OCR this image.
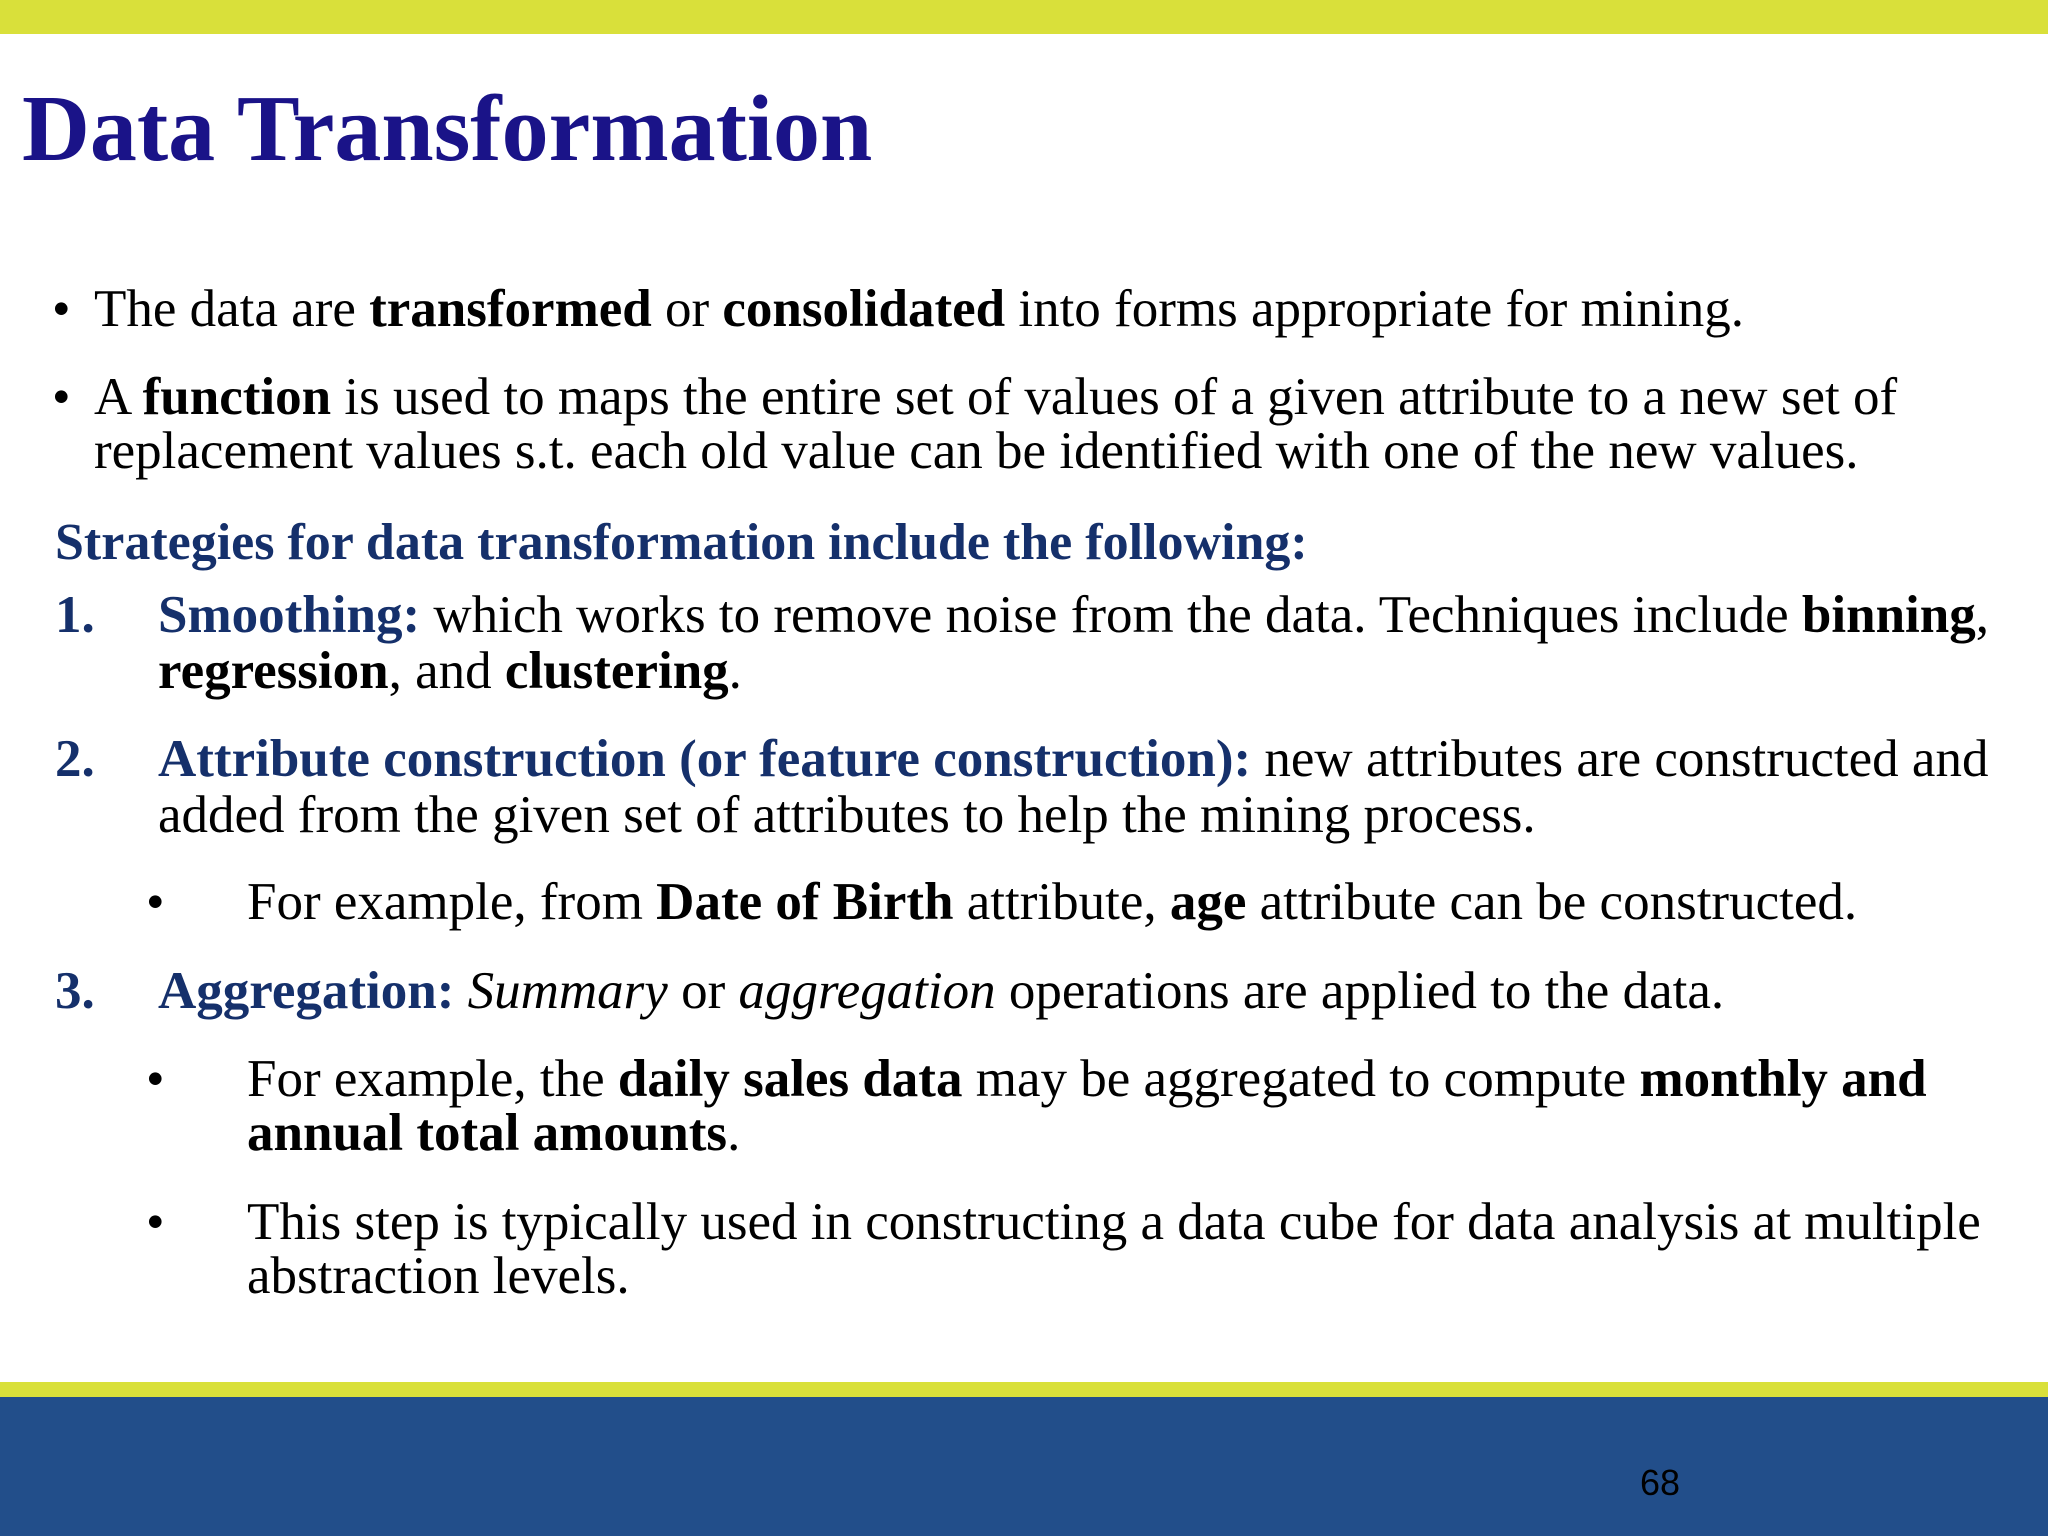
Data Transformation
• The data are transformed or consolidated into forms appropriate for mining.
• A function is used to maps the entire set of values of a given attribute to a new set of replacement values s.t. each old value can be identified with one of the new values.
Strategies for data transformation include the following:
1. Smoothing: which works to remove noise from the data. Techniques include binning, regression, and clustering.
2. Attribute construction (or feature construction): new attributes are constructed and added from the given set of attributes to help the mining process.
• For example, from Date of Birth attribute, age attribute can be constructed.
3. Aggregation: Summary or aggregation operations are applied to the data.
• For example, the daily sales data may be aggregated to compute monthly and annual total amounts.
• This step is typically used in constructing a data cube for data analysis at multiple abstraction levels.
68
